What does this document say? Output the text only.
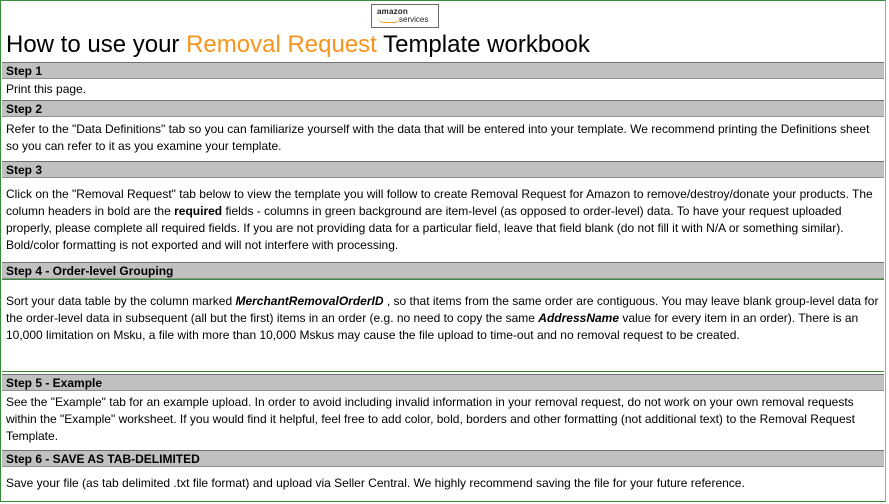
amazon
services
How to use your Removal Request Template workbook
Step 1
Print this page.
Step 2
Refer to the "Data Definitions" tab so you can familiarize yourself with the data that will be entered into your template. We recommend printing the Definitions sheet so you can refer to it as you examine your template.
Step 3
Click on the "Removal Request" tab below to view the template you will follow to create Removal Request for Amazon to remove/destroy/donate your products. The column headers in bold are the required fields - columns in green background are item-level (as opposed to order-level) data. To have your request uploaded properly, please complete all required fields. If you are not providing data for a particular field, leave that field blank (do not fill it with N/A or something similar). Bold/color formatting is not exported and will not interfere with processing.
Step 4 - Order-level Grouping
Sort your data table by the column marked MerchantRemovalOrderID , so that items from the same order are contiguous. You may leave blank group-level data for the order-level data in subsequent (all but the first) items in an order (e.g. no need to copy the same AddressName value for every item in an order). There is an 10,000 limitation on Msku, a file with more than 10,000 Mskus may cause the file upload to time-out and no removal request to be created.
Step 5 - Example
See the "Example" tab for an example upload. In order to avoid including invalid information in your removal request, do not work on your own removal requests within the "Example" worksheet. If you would find it helpful, feel free to add color, bold, borders and other formatting (not additional text) to the Removal Request Template.
Step 6 - SAVE AS TAB-DELIMITED
Save your file (as tab delimited .txt file format) and upload via Seller Central. We highly recommend saving the file for your future reference.
